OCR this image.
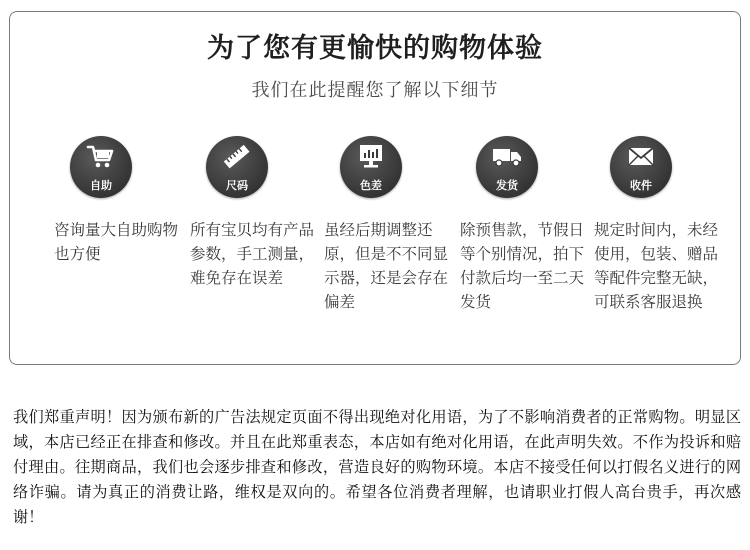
为了您有更愉快的购物体验
我们在此提醒您了解以下细节
自助
咨询量大自助购物也方便
尺码
所有宝贝均有产品参数，手工测量，难免存在误差
色差
虽经后期调整还原，但是不不同显示器，还是会存在偏差
发货
除预售款，节假日等个别情况，拍下付款后均一至二天发货
收件
规定时间内，未经使用，包装、赠品等配件完整无缺，可联系客服退换
我们郑重声明！因为颁布新的广告法规定页面不得出现绝对化用语，为了不影响消费者的正常购物。明显区域，本店已经正在排查和修改。并且在此郑重表态，本店如有绝对化用语，在此声明失效。不作为投诉和赔付理由。往期商品，我们也会逐步排查和修改，营造良好的购物环境。本店不接受任何以打假名义进行的网络诈骗。请为真正的消费让路，维权是双向的。希望各位消费者理解，也请职业打假人高台贵手，再次感谢！
